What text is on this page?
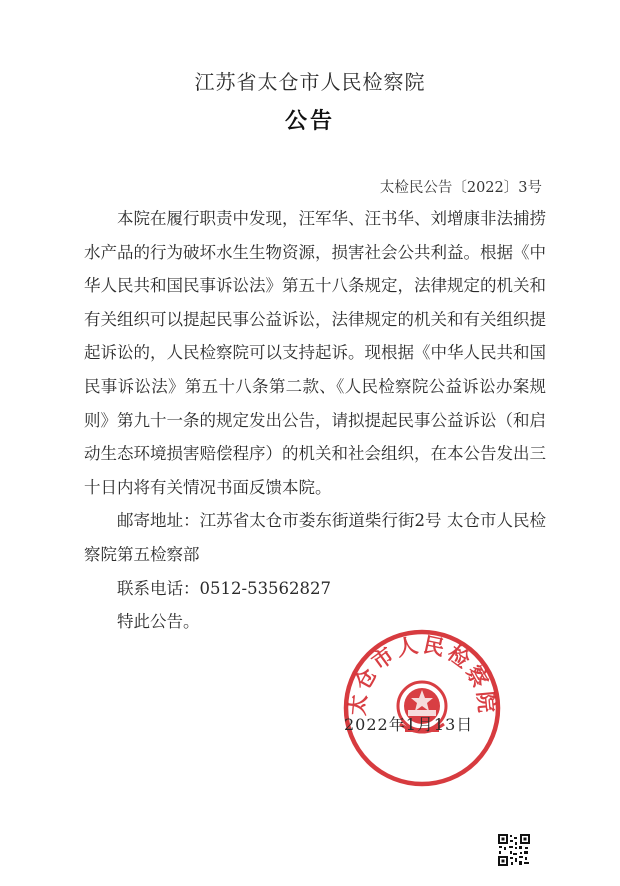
江苏省太仓市人民检察院
公告
太检民公告〔2022〕3号

本院在履行职责中发现，汪军华、汪书华、刘增康非法捕捞水产品的行为破坏水生生物资源，损害社会公共利益。根据《中华人民共和国民事诉讼法》第五十八条规定，法律规定的机关和有关组织可以提起民事公益诉讼，法律规定的机关和有关组织提起诉讼的，人民检察院可以支持起诉。现根据《中华人民共和国民事诉讼法》第五十八条第二款、《人民检察院公益诉讼办案规则》第九十一条的规定发出公告，请拟提起民事公益诉讼（和启动生态环境损害赔偿程序）的机关和社会组织，在本公告发出三十日内将有关情况书面反馈本院。

邮寄地址：江苏省太仓市娄东街道柴行街2号 太仓市人民检察院第五检察部

联系电话：0512-53562827

特此公告。

太仓市人民检察院
2022年1月13日
